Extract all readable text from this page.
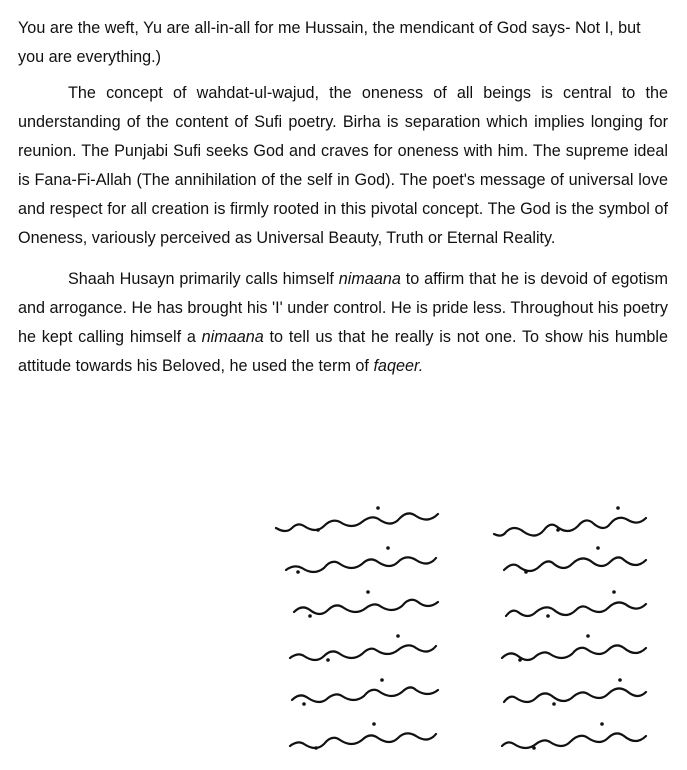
You are the weft, Yu are all-in-all for me Hussain, the mendicant of God says- Not I, but you are everything.)

The concept of wahdat-ul-wajud, the oneness of all beings is central to the understanding of the content of Sufi poetry. Birha is separation which implies longing for reunion. The Punjabi Sufi seeks God and craves for oneness with him. The supreme ideal is Fana-Fi-Allah (The annihilation of the self in God). The poet's message of universal love and respect for all creation is firmly rooted in this pivotal concept. The God is the symbol of Oneness, variously perceived as Universal Beauty, Truth or Eternal Reality.

Shaah Husayn primarily calls himself nimaana to affirm that he is devoid of egotism and arrogance. He has brought his 'I' under control. He is pride less. Throughout his poetry he kept calling himself a nimaana to tell us that he really is not one. To show his humble attitude towards his Beloved, he used the term of faqeer.
